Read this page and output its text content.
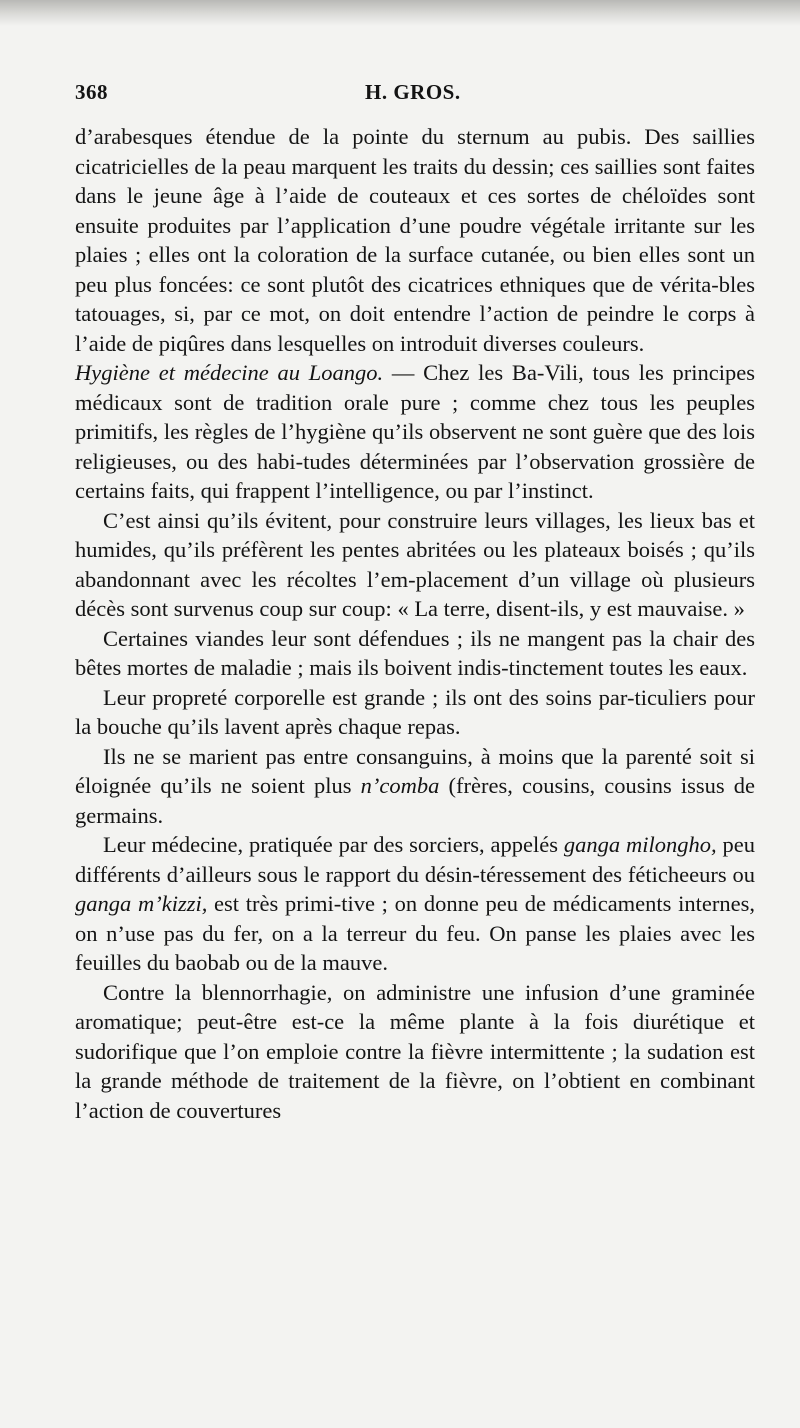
368	H. GROS.

d’arabesques étendue de la pointe du sternum au pubis. Des saillies cicatricielles de la peau marquent les traits du dessin; ces saillies sont faites dans le jeune âge à l’aide de couteaux et ces sortes de chéloïdes sont ensuite produites par l’application d’une poudre végétale irritante sur les plaies ; elles ont la coloration de la surface cutanée, ou bien elles sont un peu plus foncées: ce sont plutôt des cicatrices ethniques que de vérita-bles tatouages, si, par ce mot, on doit entendre l’action de peindre le corps à l’aide de piqûres dans lesquelles on introduit diverses couleurs.

Hygiène et médecine au Loango. — Chez les Ba-Vili, tous les principes médicaux sont de tradition orale pure ; comme chez tous les peuples primitifs, les règles de l’hygiène qu’ils observent ne sont guère que des lois religieuses, ou des habi-tudes déterminées par l’observation grossière de certains faits, qui frappent l’intelligence, ou par l’instinct.

C’est ainsi qu’ils évitent, pour construire leurs villages, les lieux bas et humides, qu’ils préfèrent les pentes abritées ou les plateaux boisés ; qu’ils abandonnant avec les récoltes l’em-placement d’un village où plusieurs décès sont survenus coup sur coup: « La terre, disent-ils, y est mauvaise. »

Certaines viandes leur sont défendues ; ils ne mangent pas la chair des bêtes mortes de maladie ; mais ils boivent indis-tinctement toutes les eaux.

Leur propreté corporelle est grande ; ils ont des soins par-ticuliers pour la bouche qu’ils lavent après chaque repas.

Ils ne se marient pas entre consanguins, à moins que la parenté soit si éloignée qu’ils ne soient plus n’comba (frères, cousins, cousins issus de germains.

Leur médecine, pratiquée par des sorciers, appelés ganga milongho, peu différents d’ailleurs sous le rapport du désin-téressement des féticheeurs ou ganga m’kizzi, est très primi-tive ; on donne peu de médicaments internes, on n’use pas du fer, on a la terreur du feu. On panse les plaies avec les feuilles du baobab ou de la mauve.

Contre la blennorrhagie, on administre une infusion d’une graminée aromatique; peut-être est-ce la même plante à la fois diurétique et sudorifique que l’on emploie contre la fièvre intermittente ; la sudation est la grande méthode de traitement de la fièvre, on l’obtient en combinant l’action de couvertures
